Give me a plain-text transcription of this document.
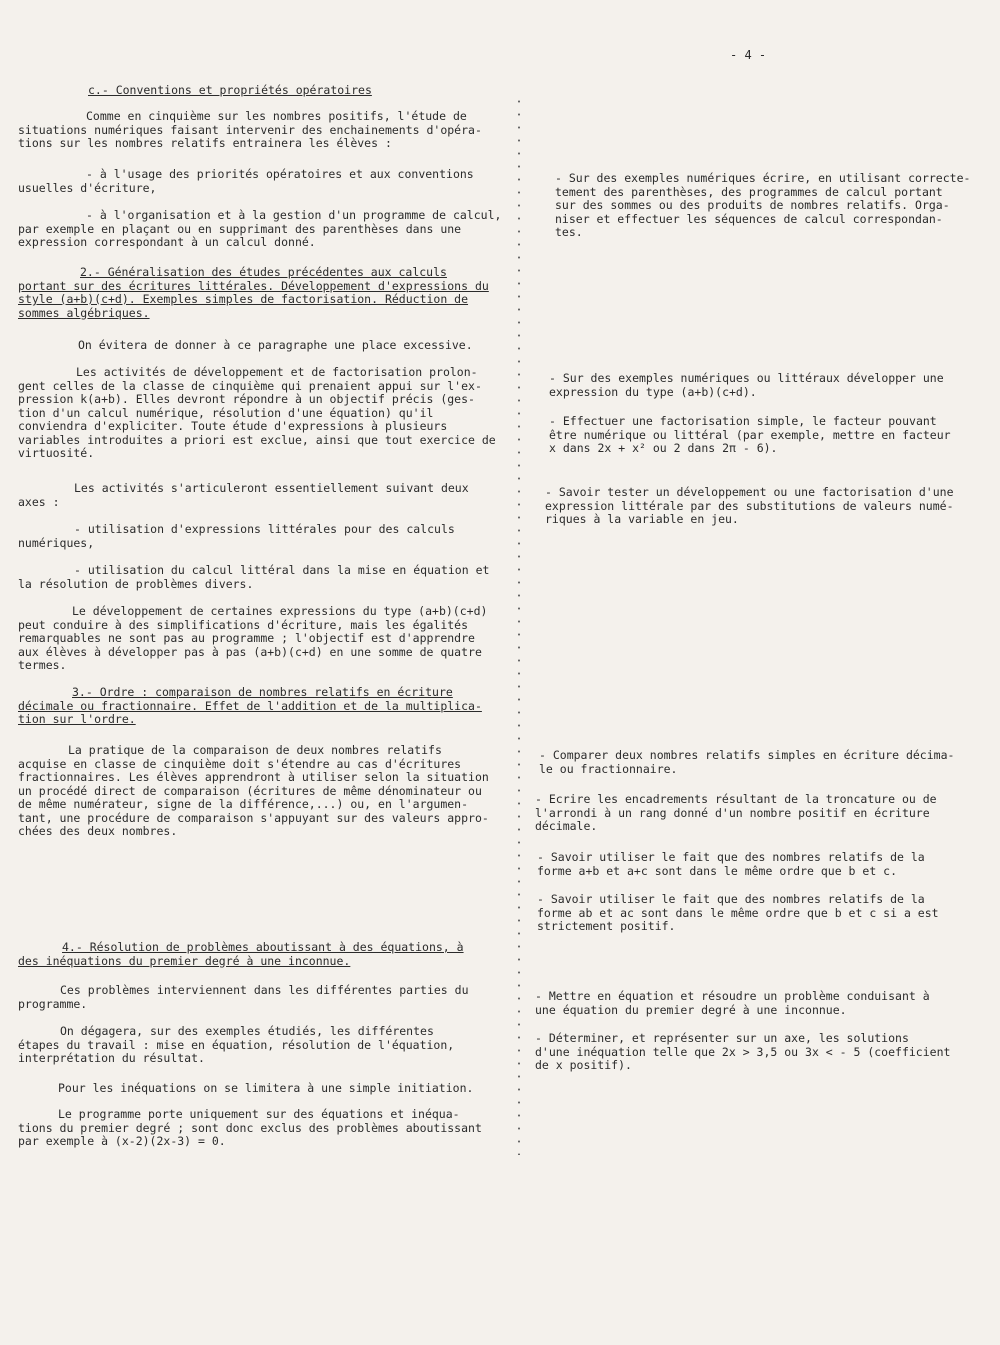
- 4 -

c.- Conventions et propriétés opératoires

Comme en cinquième sur les nombres positifs, l'étude de
situations numériques faisant intervenir des enchainements d'opéra-
tions sur les nombres relatifs entrainera les élèves :

- à l'usage des priorités opératoires et aux conventions
usuelles d'écriture,

- à l'organisation et à la gestion d'un programme de calcul,
par exemple en plaçant ou en supprimant des parenthèses dans une
expression correspondant à un calcul donné.

2.- Généralisation des études précédentes aux calculs
portant sur des écritures littérales. Développement d'expressions du
style (a+b)(c+d). Exemples simples de factorisation. Réduction de
sommes algébriques.

On évitera de donner à ce paragraphe une place excessive.

Les activités de développement et de factorisation prolon-
gent celles de la classe de cinquième qui prenaient appui sur l'ex-
pression k(a+b). Elles devront répondre à un objectif précis (ges-
tion d'un calcul numérique, résolution d'une équation) qu'il
conviendra d'expliciter. Toute étude d'expressions à plusieurs
variables introduites a priori est exclue, ainsi que tout exercice de
virtuosité.

Les activités s'articuleront essentiellement suivant deux
axes :

- utilisation d'expressions littérales pour des calculs
numériques,

- utilisation du calcul littéral dans la mise en équation et
la résolution de problèmes divers.

Le développement de certaines expressions du type (a+b)(c+d)
peut conduire à des simplifications d'écriture, mais les égalités
remarquables ne sont pas au programme ; l'objectif est d'apprendre
aux élèves à développer pas à pas (a+b)(c+d) en une somme de quatre
termes.

3.- Ordre : comparaison de nombres relatifs en écriture
décimale ou fractionnaire. Effet de l'addition et de la multiplica-
tion sur l'ordre.

La pratique de la comparaison de deux nombres relatifs
acquise en classe de cinquième doit s'étendre au cas d'écritures
fractionnaires. Les élèves apprendront à utiliser selon la situation
un procédé direct de comparaison (écritures de même dénominateur ou
de même numérateur, signe de la différence,...) ou, en l'argumen-
tant, une procédure de comparaison s'appuyant sur des valeurs appro-
chées des deux nombres.

4.- Résolution de problèmes aboutissant à des équations, à
des inéquations du premier degré à une inconnue.

Ces problèmes interviennent dans les différentes parties du
programme.

On dégagera, sur des exemples étudiés, les différentes
étapes du travail : mise en équation, résolution de l'équation,
interprétation du résultat.

Pour les inéquations on se limitera à une simple initiation.

Le programme porte uniquement sur des équations et inéqua-
tions du premier degré ; sont donc exclus des problèmes aboutissant
par exemple à (x-2)(2x-3) = 0.

- Sur des exemples numériques écrire, en utilisant correcte-
tement des parenthèses, des programmes de calcul portant
sur des sommes ou des produits de nombres relatifs. Orga-
niser et effectuer les séquences de calcul correspondan-
tes.

- Sur des exemples numériques ou littéraux développer une
expression du type (a+b)(c+d).

- Effectuer une factorisation simple, le facteur pouvant
être numérique ou littéral (par exemple, mettre en facteur
x dans 2x + x² ou 2 dans 2π - 6).

- Savoir tester un développement ou une factorisation d'une
expression littérale par des substitutions de valeurs numé-
riques à la variable en jeu.

- Comparer deux nombres relatifs simples en écriture décima-
le ou fractionnaire.

- Ecrire les encadrements résultant de la troncature ou de
l'arrondi à un rang donné d'un nombre positif en écriture
décimale.

- Savoir utiliser le fait que des nombres relatifs de la
forme a+b et a+c sont dans le même ordre que b et c.

- Savoir utiliser le fait que des nombres relatifs de la
forme ab et ac sont dans le même ordre que b et c si a est
strictement positif.

- Mettre en équation et résoudre un problème conduisant à
une équation du premier degré à une inconnue.

- Déterminer, et représenter sur un axe, les solutions
d'une inéquation telle que 2x > 3,5 ou 3x < - 5 (coefficient
de x positif).
